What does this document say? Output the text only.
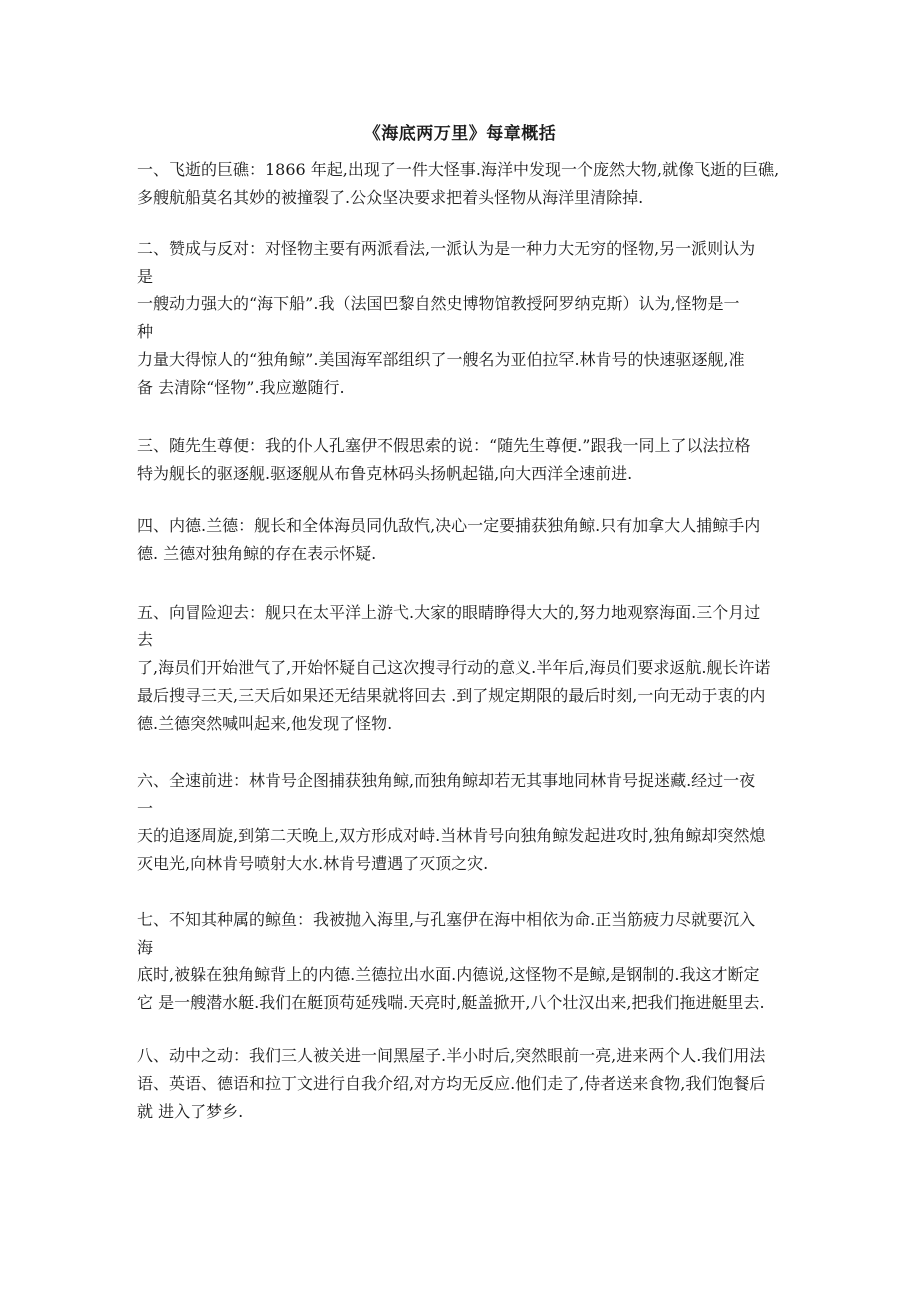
《海底两万里》每章概括
一、飞逝的巨礁：1866 年起,出现了一件大怪事.海洋中发现一个庞然大物,就像飞逝的巨礁,
多艘航船莫名其妙的被撞裂了.公众坚决要求把着头怪物从海洋里清除掉.
二、赞成与反对：对怪物主要有两派看法,一派认为是一种力大无穷的怪物,另一派则认为
是
一艘动力强大的“海下船”.我（法国巴黎自然史博物馆教授阿罗纳克斯）认为,怪物是一
种
力量大得惊人的“独角鲸”.美国海军部组织了一艘名为亚伯拉罕.林肯号的快速驱逐舰,准
备 去清除“怪物”.我应邀随行.
三、随先生尊便：我的仆人孔塞伊不假思索的说：“随先生尊便.”跟我一同上了以法拉格
特为舰长的驱逐舰.驱逐舰从布鲁克林码头扬帆起锚,向大西洋全速前进.
四、内德.兰德：舰长和全体海员同仇敌忾,决心一定要捕获独角鲸.只有加拿大人捕鲸手内
德. 兰德对独角鲸的存在表示怀疑.
五、向冒险迎去：舰只在太平洋上游弋.大家的眼睛睁得大大的,努力地观察海面.三个月过
去
了,海员们开始泄气了,开始怀疑自己这次搜寻行动的意义.半年后,海员们要求返航.舰长许诺
最后搜寻三天,三天后如果还无结果就将回去 .到了规定期限的最后时刻,一向无动于衷的内
德.兰德突然喊叫起来,他发现了怪物.
六、全速前进：林肯号企图捕获独角鲸,而独角鲸却若无其事地同林肯号捉迷藏.经过一夜
一
天的追逐周旋,到第二天晚上,双方形成对峙.当林肯号向独角鲸发起进攻时,独角鲸却突然熄
灭电光,向林肯号喷射大水.林肯号遭遇了灭顶之灾.
七、不知其种属的鲸鱼：我被抛入海里,与孔塞伊在海中相依为命.正当筋疲力尽就要沉入
海
底时,被躲在独角鲸背上的内德.兰德拉出水面.内德说,这怪物不是鲸,是钢制的.我这才断定
它 是一艘潜水艇.我们在艇顶苟延残喘.天亮时,艇盖掀开,八个壮汉出来,把我们拖进艇里去.
八、动中之动：我们三人被关进一间黑屋子.半小时后,突然眼前一亮,进来两个人.我们用法
语、英语、德语和拉丁文进行自我介绍,对方均无反应.他们走了,侍者送来食物,我们饱餐后
就 进入了梦乡.
